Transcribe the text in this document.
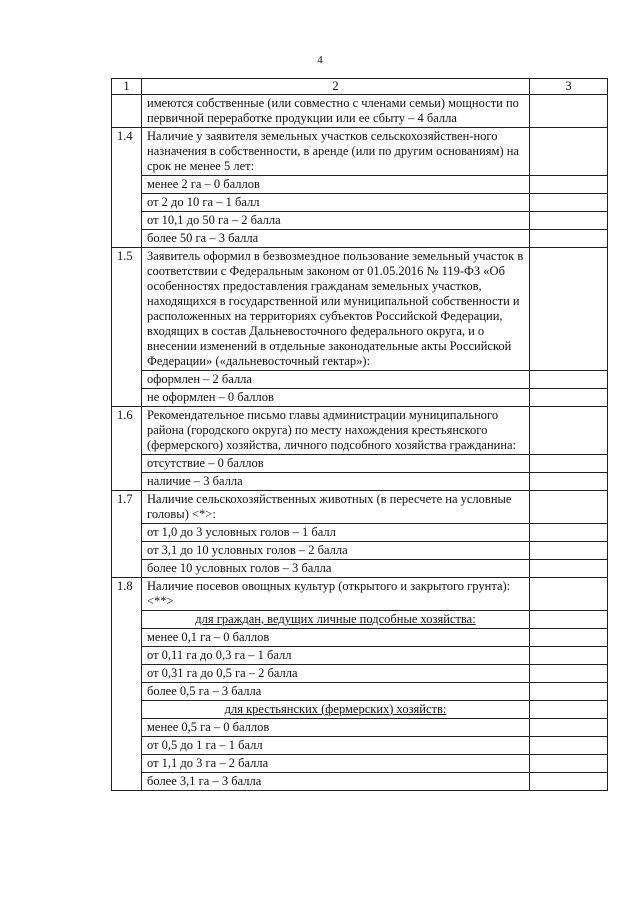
4
1	2	3
	имеются собственные (или совместно с членами семьи) мощности по первичной переработке продукции или ее сбыту – 4 балла	
1.4	Наличие у заявителя земельных участков сельскохозяйствен-ного назначения в собственности, в аренде (или по другим основаниям) на срок не менее 5 лет:	
	менее 2 га – 0 баллов	
	от 2 до 10 га – 1 балл	
	от 10,1 до 50 га – 2 балла	
	более 50 га – 3 балла	
1.5	Заявитель оформил в безвозмездное пользование земельный участок в соответствии с Федеральным законом от 01.05.2016 № 119-ФЗ «Об особенностях предоставления гражданам земельных участков, находящихся в государственной или муниципальной собственности и расположенных на территориях субъектов Российской Федерации, входящих в состав Дальневосточного федерального округа, и о внесении изменений в отдельные законодательные акты Российской Федерации» («дальневосточный гектар»):	
	оформлен – 2 балла	
	не оформлен – 0 баллов	
1.6	Рекомендательное письмо главы администрации муниципального района (городского округа) по месту нахождения крестьянского (фермерского) хозяйства, личного подсобного хозяйства гражданина:	
	отсутствие – 0 баллов	
	наличие – 3 балла	
1.7	Наличие сельскохозяйственных животных (в пересчете на условные головы) <*>:	
	от 1,0 до 3 условных голов – 1 балл	
	от 3,1 до 10 условных голов – 2 балла	
	более 10 условных голов – 3 балла	
1.8	Наличие посевов овощных культур (открытого и закрытого грунта): <**>	
	для граждан, ведущих личные подсобные хозяйства:	
	менее 0,1 га – 0 баллов	
	от 0,11 га до 0,3 га – 1 балл	
	от 0,31 га до 0,5 га – 2 балла	
	более 0,5 га – 3 балла	
	для крестьянских (фермерских) хозяйств:	
	менее 0,5 га – 0 баллов	
	от 0,5 до 1 га – 1 балл	
	от 1,1 до 3 га – 2 балла	
	более 3,1 га – 3 балла	
